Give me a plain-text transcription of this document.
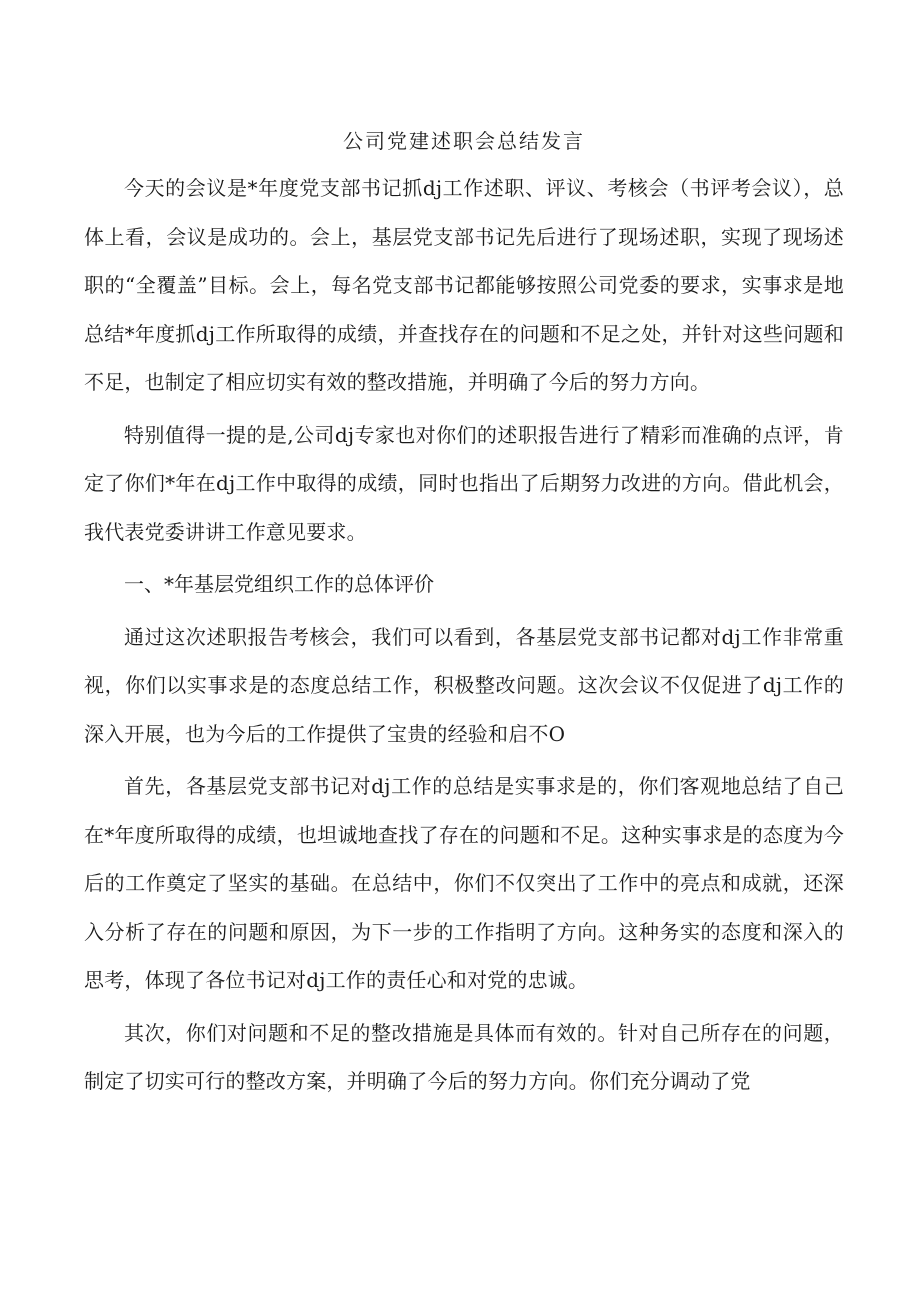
公司党建述职会总结发言

今天的会议是*年度党支部书记抓dj工作述职、评议、考核会（书评考会议），总体上看，会议是成功的。会上，基层党支部书记先后进行了现场述职，实现了现场述职的“全覆盖”目标。会上，每名党支部书记都能够按照公司党委的要求，实事求是地总结*年度抓dj工作所取得的成绩，并查找存在的问题和不足之处，并针对这些问题和不足，也制定了相应切实有效的整改措施，并明确了今后的努力方向。

特别值得一提的是,公司dj专家也对你们的述职报告进行了精彩而准确的点评，肯定了你们*年在dj工作中取得的成绩，同时也指出了后期努力改进的方向。借此机会，我代表党委讲讲工作意见要求。

一、*年基层党组织工作的总体评价

通过这次述职报告考核会，我们可以看到，各基层党支部书记都对dj工作非常重视，你们以实事求是的态度总结工作，积极整改问题。这次会议不仅促进了dj工作的深入开展，也为今后的工作提供了宝贵的经验和启不O

首先，各基层党支部书记对dj工作的总结是实事求是的，你们客观地总结了自己在*年度所取得的成绩，也坦诚地查找了存在的问题和不足。这种实事求是的态度为今后的工作奠定了坚实的基础。在总结中，你们不仅突出了工作中的亮点和成就，还深入分析了存在的问题和原因，为下一步的工作指明了方向。这种务实的态度和深入的思考，体现了各位书记对dj工作的责任心和对党的忠诚。

其次，你们对问题和不足的整改措施是具体而有效的。针对自己所存在的问题，制定了切实可行的整改方案，并明确了今后的努力方向。你们充分调动了党
